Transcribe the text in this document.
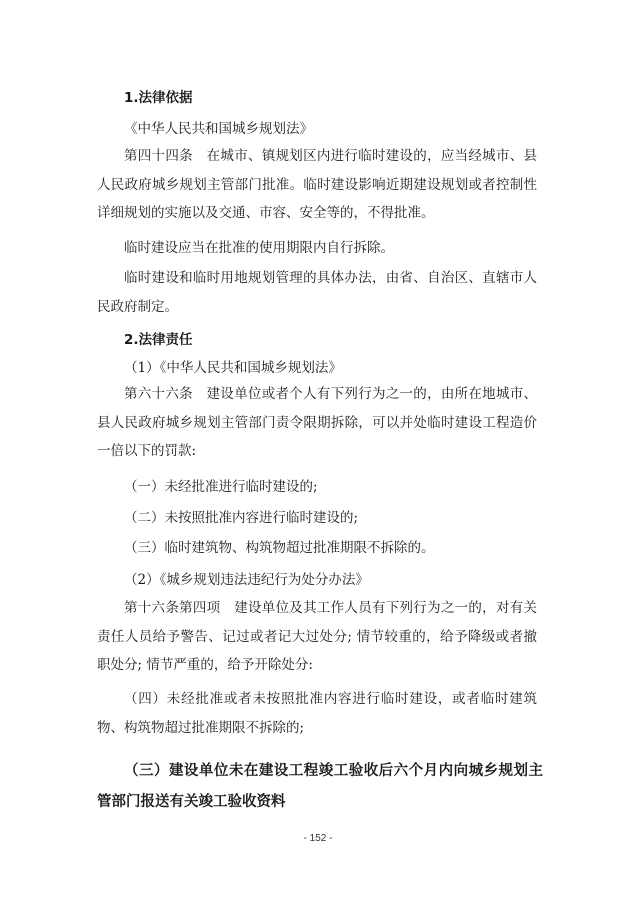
1.法律依据
《中华人民共和国城乡规划法》
第四十四条　在城市、镇规划区内进行临时建设的，应当经城市、县人民政府城乡规划主管部门批准。临时建设影响近期建设规划或者控制性详细规划的实施以及交通、市容、安全等的，不得批准。
临时建设应当在批准的使用期限内自行拆除。
临时建设和临时用地规划管理的具体办法，由省、自治区、直辖市人民政府制定。
2.法律责任
（1）《中华人民共和国城乡规划法》
第六十六条　建设单位或者个人有下列行为之一的，由所在地城市、县人民政府城乡规划主管部门责令限期拆除，可以并处临时建设工程造价一倍以下的罚款:
（一）未经批准进行临时建设的;
（二）未按照批准内容进行临时建设的;
（三）临时建筑物、构筑物超过批准期限不拆除的。
（2）《城乡规划违法违纪行为处分办法》
第十六条第四项　建设单位及其工作人员有下列行为之一的，对有关责任人员给予警告、记过或者记大过处分; 情节较重的，给予降级或者撤职处分; 情节严重的，给予开除处分:
（四）未经批准或者未按照批准内容进行临时建设，或者临时建筑物、构筑物超过批准期限不拆除的;
（三）建设单位未在建设工程竣工验收后六个月内向城乡规划主管部门报送有关竣工验收资料
- 152 -
